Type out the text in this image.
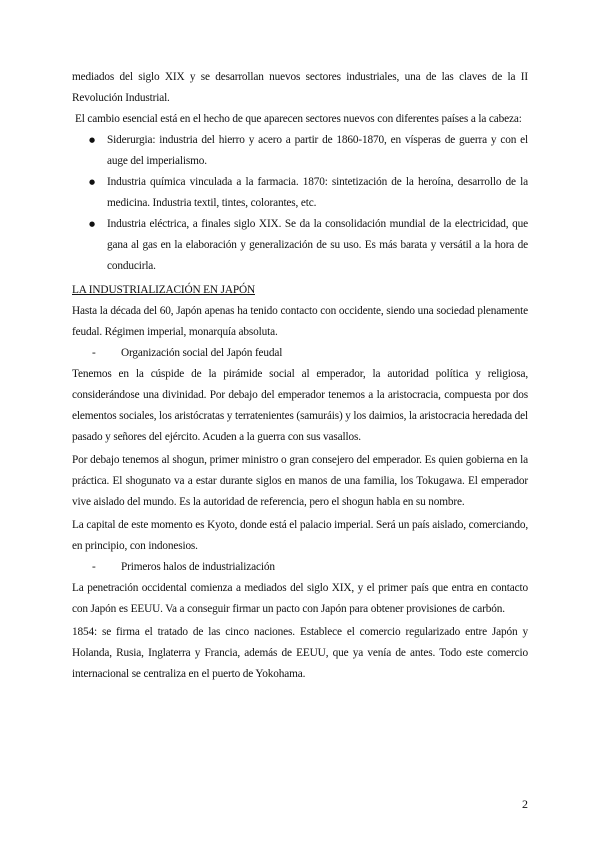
mediados del siglo XIX y se desarrollan nuevos sectores industriales, una de las claves de la II Revolución Industrial.

El cambio esencial está en el hecho de que aparecen sectores nuevos con diferentes países a la cabeza:

● Siderurgia: industria del hierro y acero a partir de 1860-1870, en vísperas de guerra y con el auge del imperialismo.
● Industria química vinculada a la farmacia. 1870: sintetización de la heroína, desarrollo de la medicina. Industria textil, tintes, colorantes, etc.
● Industria eléctrica, a finales siglo XIX. Se da la consolidación mundial de la electricidad, que gana al gas en la elaboración y generalización de su uso. Es más barata y versátil a la hora de conducirla.

LA INDUSTRIALIZACIÓN EN JAPÓN

Hasta la década del 60, Japón apenas ha tenido contacto con occidente, siendo una sociedad plenamente feudal. Régimen imperial, monarquía absoluta.

- Organización social del Japón feudal

Tenemos en la cúspide de la pirámide social al emperador, la autoridad política y religiosa, considerándose una divinidad. Por debajo del emperador tenemos a la aristocracia, compuesta por dos elementos sociales, los aristócratas y terratenientes (samuráis) y los daimios, la aristocracia heredada del pasado y señores del ejército. Acuden a la guerra con sus vasallos.

Por debajo tenemos al shogun, primer ministro o gran consejero del emperador. Es quien gobierna en la práctica. El shogunato va a estar durante siglos en manos de una familia, los Tokugawa. El emperador vive aislado del mundo. Es la autoridad de referencia, pero el shogun habla en su nombre.

La capital de este momento es Kyoto, donde está el palacio imperial. Será un país aislado, comerciando, en principio, con indonesios.

- Primeros halos de industrialización

La penetración occidental comienza a mediados del siglo XIX, y el primer país que entra en contacto con Japón es EEUU. Va a conseguir firmar un pacto con Japón para obtener provisiones de carbón.

1854: se firma el tratado de las cinco naciones. Establece el comercio regularizado entre Japón y Holanda, Rusia, Inglaterra y Francia, además de EEUU, que ya venía de antes. Todo este comercio internacional se centraliza en el puerto de Yokohama.

2
